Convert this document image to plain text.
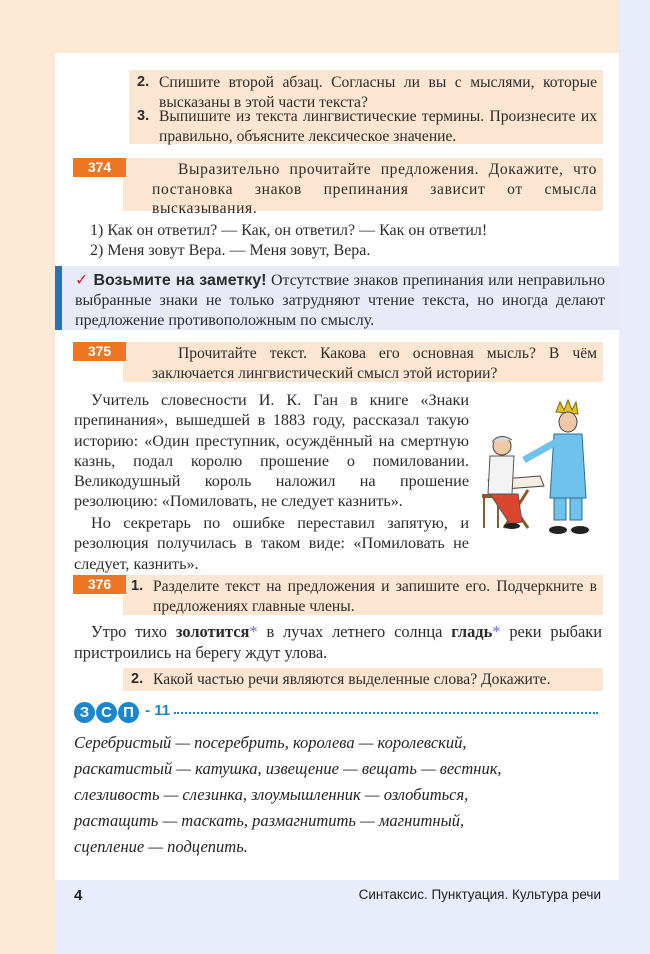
2. Спишите второй абзац. Согласны ли вы с мыслями, которые высказаны в этой части текста?
3. Выпишите из текста лингвистические термины. Произнесите их правильно, объясните лексическое значение.
374	Выразительно прочитайте предложения. Докажите, что постановка знаков препинания зависит от смысла высказывания.
1) Как он ответил? — Как, он ответил? — Как он ответил!
2) Меня зовут Вера. — Меня зовут, Вера.
✓ Возьмите на заметку! Отсутствие знаков препинания или неправильно выбранные знаки не только затрудняют чтение текста, но иногда делают предложение противоположным по смыслу.
375	Прочитайте текст. Какова его основная мысль? В чём заключается лингвистический смысл этой истории?
Учитель словесности И. К. Ган в книге «Знаки препинания», вышедшей в 1883 году, рассказал такую историю: «Один преступник, осуждённый на смертную казнь, подал королю прошение о помиловании. Великодушный король наложил на прошение резолюцию: «Помиловать, не следует казнить».
Но секретарь по ошибке переставил запятую, и резолюция получилась в таком виде: «Помиловать не следует, казнить».
376	1. Разделите текст на предложения и запишите его. Подчеркните в предложениях главные члены.
Утро тихо золотится* в лучах летнего солнца гладь* реки рыбаки пристроились на берегу ждут улова.
2. Какой частью речи являются выделенные слова? Докажите.
З С П - 11
Серебристый — посеребрить, королева — королевский,
раскатистый — катушка, извещение — вещать — вестник,
слезливость — слезинка, злоумышленник — озлобиться,
растащить — таскать, размагнитить — магнитный,
сцепление — подцепить.
4	Синтаксис. Пунктуация. Культура речи
